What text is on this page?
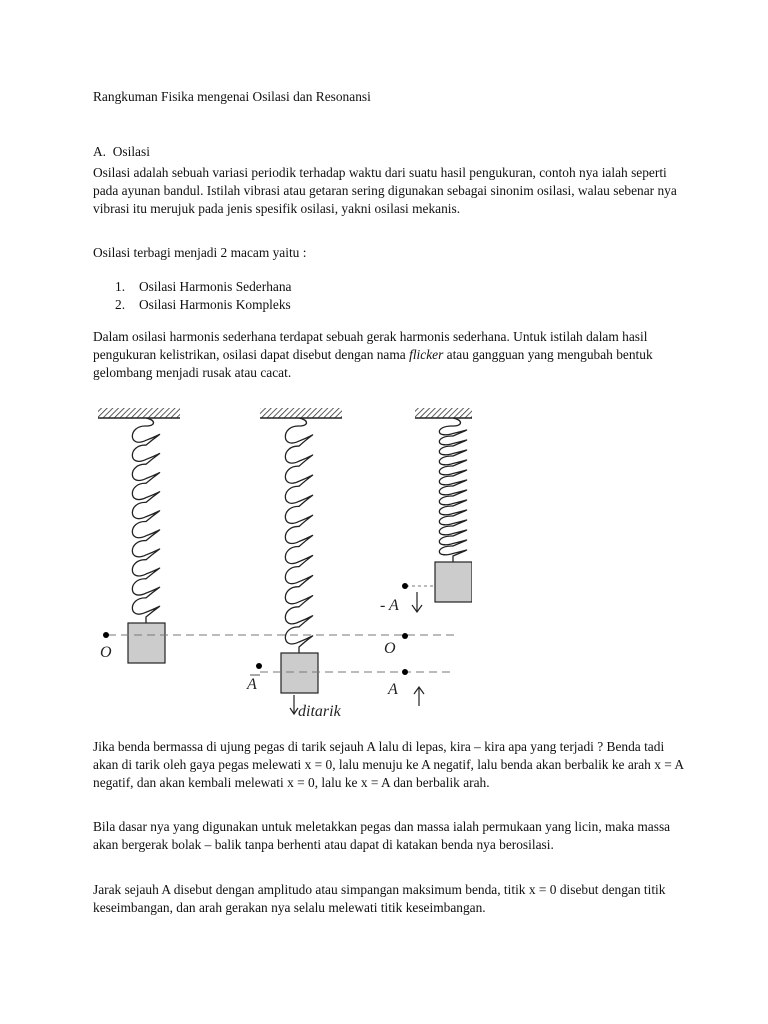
Rangkuman Fisika mengenai Osilasi dan Resonansi

A. Osilasi

Osilasi adalah sebuah variasi periodik terhadap waktu dari suatu hasil pengukuran, contoh nya ialah seperti pada ayunan bandul. Istilah vibrasi atau getaran sering digunakan sebagai sinonim osilasi, walau sebenar nya vibrasi itu merujuk pada jenis spesifik osilasi, yakni osilasi mekanis.

Osilasi terbagi menjadi 2 macam yaitu :

1. Osilasi Harmonis Sederhana
2. Osilasi Harmonis Kompleks

Dalam osilasi harmonis sederhana terdapat sebuah gerak harmonis sederhana. Untuk istilah dalam hasil pengukuran kelistrikan, osilasi dapat disebut dengan nama flicker atau gangguan yang mengubah bentuk gelombang menjadi rusak atau cacat.

O
A
ditarik
- A
O
A

Jika benda bermassa di ujung pegas di tarik sejauh A lalu di lepas, kira – kira apa yang terjadi ? Benda tadi akan di tarik oleh gaya pegas melewati x = 0, lalu menuju ke A negatif, lalu benda akan berbalik ke arah x = A negatif, dan akan kembali melewati x = 0, lalu ke x = A dan berbalik arah.

Bila dasar nya yang digunakan untuk meletakkan pegas dan massa ialah permukaan yang licin, maka massa akan bergerak bolak – balik tanpa berhenti atau dapat di katakan benda nya berosilasi.

Jarak sejauh A disebut dengan amplitudo atau simpangan maksimum benda, titik x = 0 disebut dengan titik keseimbangan, dan arah gerakan nya selalu melewati titik keseimbangan.
